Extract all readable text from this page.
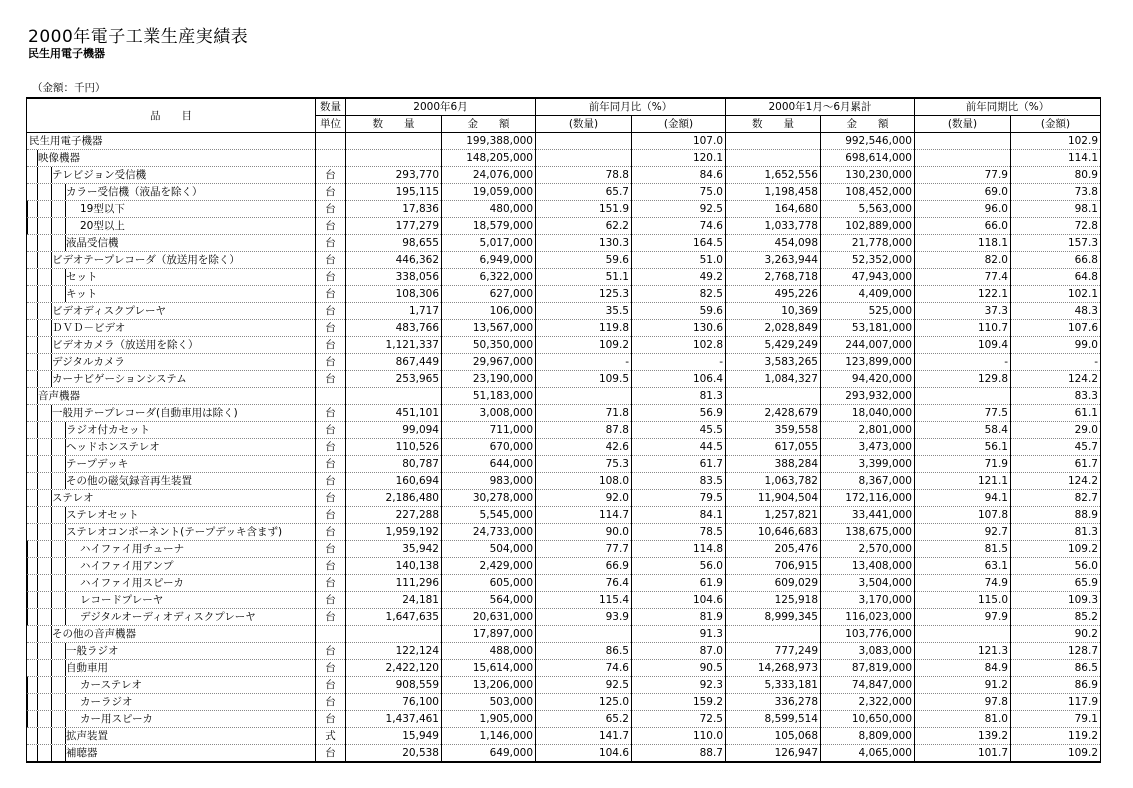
2000年電子工業生産実績表
民生用電子機器
（金額：千円）
品　　目	数量	2000年6月		前年同月比（%）		2000年1月～6月累計		前年同期比（%）	
	単位	数　　量	金　　額	(数量)	(金額)	数　　量	金　　額	(数量)	(金額)

民生用電子機器			199,388,000		107.0		992,546,000		102.9

映像機器			148,205,000		120.1		698,614,000		114.1

テレビジョン受信機	台	293,770	24,076,000	78.8	84.6	1,652,556	130,230,000	77.9	80.9

カラー受信機（液晶を除く）	台	195,115	19,059,000	65.7	75.0	1,198,458	108,452,000	69.0	73.8

19型以下	台	17,836	480,000	151.9	92.5	164,680	5,563,000	96.0	98.1

20型以上	台	177,279	18,579,000	62.2	74.6	1,033,778	102,889,000	66.0	72.8

液晶受信機	台	98,655	5,017,000	130.3	164.5	454,098	21,778,000	118.1	157.3

ビデオテープレコーダ（放送用を除く）	台	446,362	6,949,000	59.6	51.0	3,263,944	52,352,000	82.0	66.8

セット	台	338,056	6,322,000	51.1	49.2	2,768,718	47,943,000	77.4	64.8

キット	台	108,306	627,000	125.3	82.5	495,226	4,409,000	122.1	102.1

ビデオディスクプレーヤ	台	1,717	106,000	35.5	59.6	10,369	525,000	37.3	48.3

ＤＶＤ－ビデオ	台	483,766	13,567,000	119.8	130.6	2,028,849	53,181,000	110.7	107.6

ビデオカメラ（放送用を除く）	台	1,121,337	50,350,000	109.2	102.8	5,429,249	244,007,000	109.4	99.0

デジタルカメラ	台	867,449	29,967,000	-	-	3,583,265	123,899,000	-	-

カーナビゲーションシステム	台	253,965	23,190,000	109.5	106.4	1,084,327	94,420,000	129.8	124.2

音声機器			51,183,000		81.3		293,932,000		83.3

一般用テープレコーダ(自動車用は除く)	台	451,101	3,008,000	71.8	56.9	2,428,679	18,040,000	77.5	61.1

ラジオ付カセット	台	99,094	711,000	87.8	45.5	359,558	2,801,000	58.4	29.0

ヘッドホンステレオ	台	110,526	670,000	42.6	44.5	617,055	3,473,000	56.1	45.7

テープデッキ	台	80,787	644,000	75.3	61.7	388,284	3,399,000	71.9	61.7

その他の磁気録音再生装置	台	160,694	983,000	108.0	83.5	1,063,782	8,367,000	121.1	124.2

ステレオ	台	2,186,480	30,278,000	92.0	79.5	11,904,504	172,116,000	94.1	82.7

ステレオセット	台	227,288	5,545,000	114.7	84.1	1,257,821	33,441,000	107.8	88.9

ステレオコンポーネント(テープデッキ含まず)	台	1,959,192	24,733,000	90.0	78.5	10,646,683	138,675,000	92.7	81.3

ハイファイ用チューナ	台	35,942	504,000	77.7	114.8	205,476	2,570,000	81.5	109.2

ハイファイ用アンプ	台	140,138	2,429,000	66.9	56.0	706,915	13,408,000	63.1	56.0

ハイファイ用スピーカ	台	111,296	605,000	76.4	61.9	609,029	3,504,000	74.9	65.9

レコードプレーヤ	台	24,181	564,000	115.4	104.6	125,918	3,170,000	115.0	109.3

デジタルオーディオディスクプレーヤ	台	1,647,635	20,631,000	93.9	81.9	8,999,345	116,023,000	97.9	85.2

その他の音声機器			17,897,000		91.3		103,776,000		90.2

一般ラジオ	台	122,124	488,000	86.5	87.0	777,249	3,083,000	121.3	128.7

自動車用	台	2,422,120	15,614,000	74.6	90.5	14,268,973	87,819,000	84.9	86.5

カーステレオ	台	908,559	13,206,000	92.5	92.3	5,333,181	74,847,000	91.2	86.9

カーラジオ	台	76,100	503,000	125.0	159.2	336,278	2,322,000	97.8	117.9

カー用スピーカ	台	1,437,461	1,905,000	65.2	72.5	8,599,514	10,650,000	81.0	79.1

拡声装置	式	15,949	1,146,000	141.7	110.0	105,068	8,809,000	139.2	119.2

補聴器	台	20,538	649,000	104.6	88.7	126,947	4,065,000	101.7	109.2
